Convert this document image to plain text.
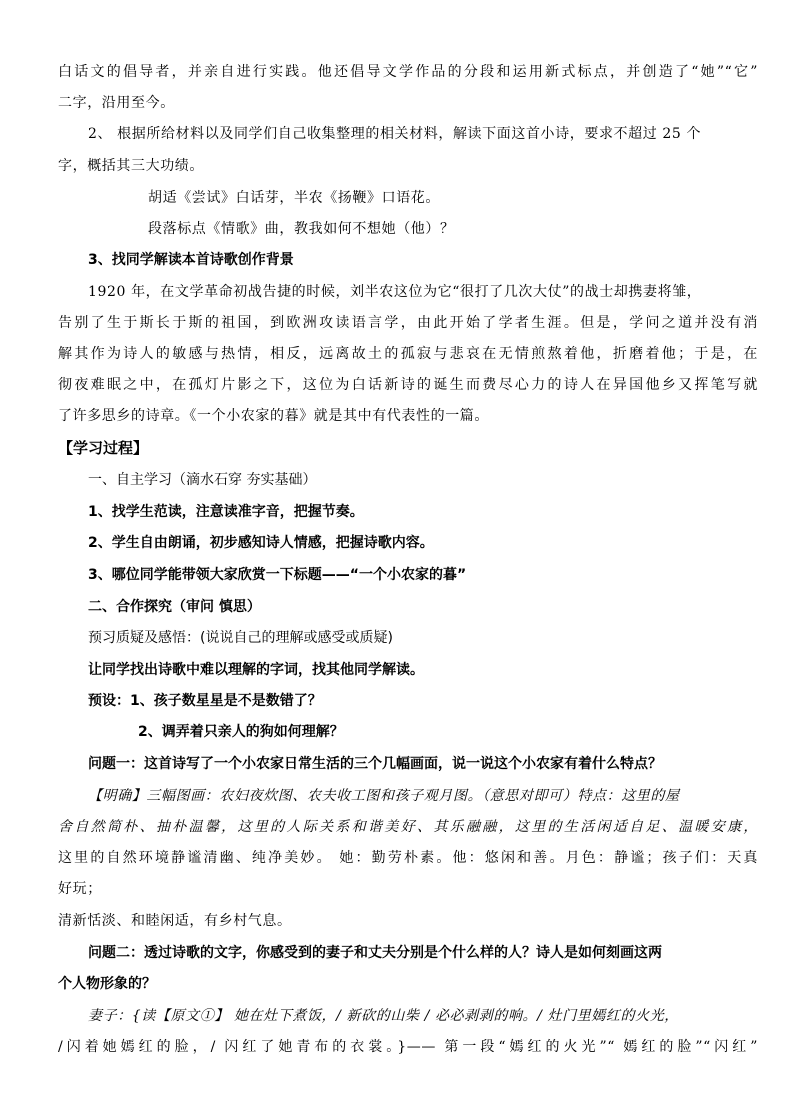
白话文的倡导者，并亲自进行实践。他还倡导文学作品的分段和运用新式标点，并创造了“她”“它”
二字，沿用至今。
2、 根据所给材料以及同学们自己收集整理的相关材料，解读下面这首小诗，要求不超过 25 个
字，概括其三大功绩。
胡适《尝试》白话芽，半农《扬鞭》口语花。
段落标点《情歌》曲，教我如何不想她（他）？
3、找同学解读本首诗歌创作背景
1920 年，在文学革命初战告捷的时候，刘半农这位为它“很打了几次大仗”的战士却携妻将雏，
告别了生于斯长于斯的祖国，到欧洲攻读语言学，由此开始了学者生涯。但是，学问之道并没有消
解其作为诗人的敏感与热情，相反，远离故土的孤寂与悲哀在无情煎熬着他，折磨着他；于是，在
彻夜难眠之中，在孤灯片影之下，这位为白话新诗的诞生而费尽心力的诗人在异国他乡又挥笔写就
了许多思乡的诗章。《一个小农家的暮》就是其中有代表性的一篇。
【学习过程】
一、自主学习（滴水石穿 夯实基础）
1、找学生范读，注意读准字音，把握节奏。
2、学生自由朗诵，初步感知诗人情感，把握诗歌内容。
3、哪位同学能带领大家欣赏一下标题——“一个小农家的暮”
二、合作探究（审问 慎思）
预习质疑及感悟：(说说自己的理解或感受或质疑)
让同学找出诗歌中难以理解的字词，找其他同学解读。
预设：1、孩子数星星是不是数错了？
2、调弄着只亲人的狗如何理解？
问题一：这首诗写了一个小农家日常生活的三个几幅画面，说一说这个小农家有着什么特点？
【明确】三幅图画：农妇夜炊图、农夫收工图和孩子观月图。（意思对即可）特点：这里的屋
舍自然简朴、抽朴温馨，这里的人际关系和谐美好、其乐融融，这里的生活闲适自足、温暖安康，
这里的自然环境静谧清幽、纯净美妙。 她：勤劳朴素。他：悠闲和善。月色：静谧；孩子们：天真
好玩；
清新恬淡、和睦闲适，有乡村气息。
问题二：透过诗歌的文字，你感受到的妻子和丈夫分别是个什么样的人？诗人是如何刻画这两
个人物形象的？
妻子：{读【原文①】 她在灶下煮饭，/ 新砍的山柴 / 必必剥剥的响。/ 灶门里嫣红的火光，
/闪着她嫣红的脸，/ 闪红了她青布的衣裳。}—— 第一段“嫣红的火光”“ 嫣红的脸”“闪红”
